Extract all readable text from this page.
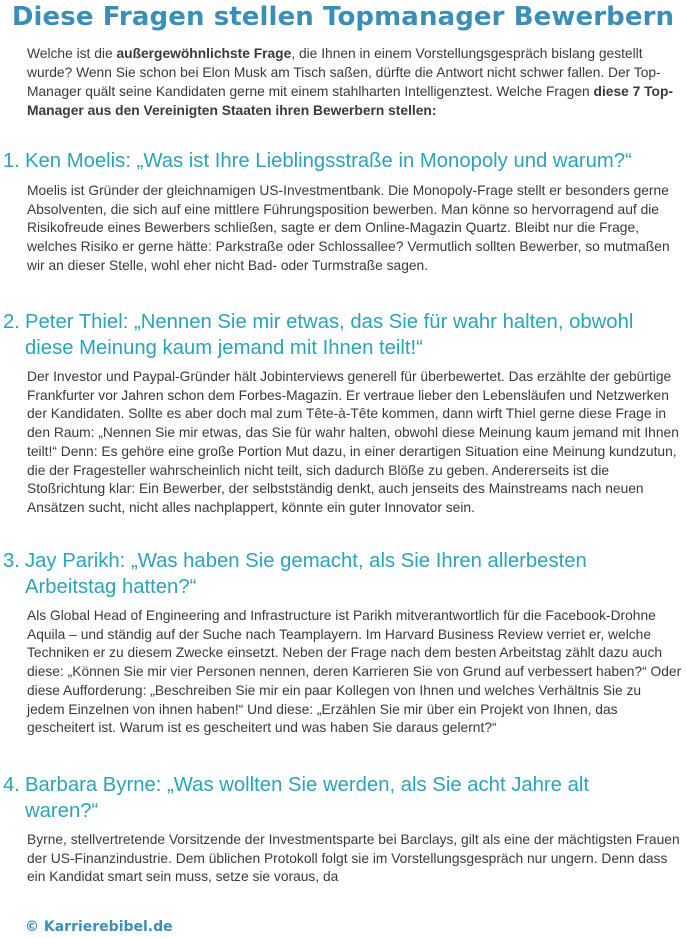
Diese Fragen stellen Topmanager Bewerbern

Welche ist die außergewöhnlichste Frage, die Ihnen in einem Vorstellungsgespräch bislang gestellt wurde? Wenn Sie schon bei Elon Musk am Tisch saßen, dürfte die Antwort nicht schwer fallen. Der Top-Manager quält seine Kandidaten gerne mit einem stahlharten Intelligenztest. Welche Fragen diese 7 Top-Manager aus den Vereinigten Staaten ihren Bewerbern stellen:

1. Ken Moelis: „Was ist Ihre Lieblingsstraße in Monopoly und warum?“

Moelis ist Gründer der gleichnamigen US-Investmentbank. Die Monopoly-Frage stellt er besonders gerne Absolventen, die sich auf eine mittlere Führungsposition bewerben. Man könne so hervorragend auf die Risikofreude eines Bewerbers schließen, sagte er dem Online-Magazin Quartz. Bleibt nur die Frage, welches Risiko er gerne hätte: Parkstraße oder Schlossallee? Vermutlich sollten Bewerber, so mutmaßen wir an dieser Stelle, wohl eher nicht Bad- oder Turmstraße sagen.

2. Peter Thiel: „Nennen Sie mir etwas, das Sie für wahr halten, obwohl
diese Meinung kaum jemand mit Ihnen teilt!“

Der Investor und Paypal-Gründer hält Jobinterviews generell für überbewertet. Das erzählte der gebürtige Frankfurter vor Jahren schon dem Forbes-Magazin. Er vertraue lieber den Lebensläufen und Netzwerken der Kandidaten. Sollte es aber doch mal zum Tête-à-Tête kommen, dann wirft Thiel gerne diese Frage in den Raum: „Nennen Sie mir etwas, das Sie für wahr halten, obwohl diese Meinung kaum jemand mit Ihnen teilt!“ Denn: Es gehöre eine große Portion Mut dazu, in einer derartigen Situation eine Meinung kundzutun, die der Fragesteller wahrscheinlich nicht teilt, sich dadurch Blöße zu geben. Andererseits ist die Stoßrichtung klar: Ein Bewerber, der selbstständig denkt, auch jenseits des Mainstreams nach neuen Ansätzen sucht, nicht alles nachplappert, könnte ein guter Innovator sein.

3. Jay Parikh: „Was haben Sie gemacht, als Sie Ihren allerbesten
Arbeitstag hatten?“

Als Global Head of Engineering and Infrastructure ist Parikh mitverantwortlich für die Facebook-Drohne Aquila – und ständig auf der Suche nach Teamplayern. Im Harvard Business Review verriet er, welche Techniken er zu diesem Zwecke einsetzt. Neben der Frage nach dem besten Arbeitstag zählt dazu auch diese: „Können Sie mir vier Personen nennen, deren Karrieren Sie von Grund auf verbessert haben?“ Oder diese Aufforderung: „Beschreiben Sie mir ein paar Kollegen von Ihnen und welches Verhältnis Sie zu jedem Einzelnen von ihnen haben!“ Und diese: „Erzählen Sie mir über ein Projekt von Ihnen, das gescheitert ist. Warum ist es gescheitert und was haben Sie daraus gelernt?“

4. Barbara Byrne: „Was wollten Sie werden, als Sie acht Jahre alt
waren?“

Byrne, stellvertretende Vorsitzende der Investmentsparte bei Barclays, gilt als eine der mächtigsten Frauen der US-Finanzindustrie. Dem üblichen Protokoll folgt sie im Vorstellungsgespräch nur ungern. Denn dass ein Kandidat smart sein muss, setze sie voraus, da

© Karrierebibel.de
